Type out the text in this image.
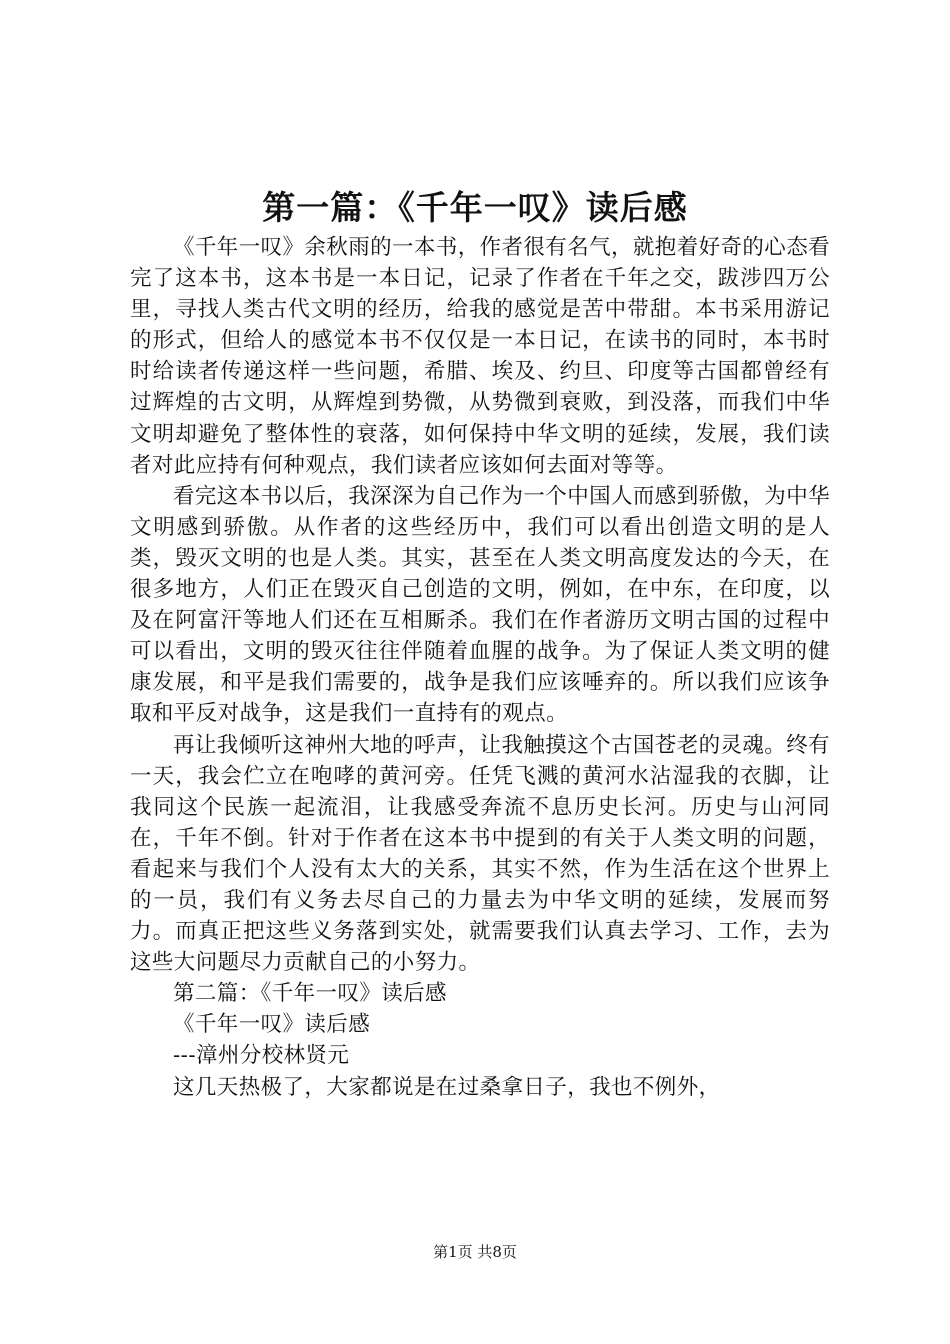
第一篇：《千年一叹》读后感

《千年一叹》余秋雨的一本书，作者很有名气，就抱着好奇的心态看完了这本书，这本书是一本日记，记录了作者在千年之交，跋涉四万公里，寻找人类古代文明的经历，给我的感觉是苦中带甜。本书采用游记的形式，但给人的感觉本书不仅仅是一本日记，在读书的同时，本书时时给读者传递这样一些问题，希腊、埃及、约旦、印度等古国都曾经有过辉煌的古文明，从辉煌到势微，从势微到衰败，到没落，而我们中华文明却避免了整体性的衰落，如何保持中华文明的延续，发展，我们读者对此应持有何种观点，我们读者应该如何去面对等等。

看完这本书以后，我深深为自己作为一个中国人而感到骄傲，为中华文明感到骄傲。从作者的这些经历中，我们可以看出创造文明的是人类，毁灭文明的也是人类。其实，甚至在人类文明高度发达的今天，在很多地方，人们正在毁灭自己创造的文明，例如，在中东，在印度，以及在阿富汗等地人们还在互相厮杀。我们在作者游历文明古国的过程中可以看出，文明的毁灭往往伴随着血腥的战争。为了保证人类文明的健康发展，和平是我们需要的，战争是我们应该唾弃的。所以我们应该争取和平反对战争，这是我们一直持有的观点。

再让我倾听这神州大地的呼声，让我触摸这个古国苍老的灵魂。终有一天，我会伫立在咆哮的黄河旁。任凭飞溅的黄河水沾湿我的衣脚，让我同这个民族一起流泪，让我感受奔流不息历史长河。历史与山河同在，千年不倒。针对于作者在这本书中提到的有关于人类文明的问题，看起来与我们个人没有太大的关系，其实不然，作为生活在这个世界上的一员，我们有义务去尽自己的力量去为中华文明的延续，发展而努力。而真正把这些义务落到实处，就需要我们认真去学习、工作，去为这些大问题尽力贡献自己的小努力。

第二篇：《千年一叹》读后感

《千年一叹》读后感

---漳州分校林贤元

这几天热极了，大家都说是在过桑拿日子，我也不例外，

第1页 共8页
